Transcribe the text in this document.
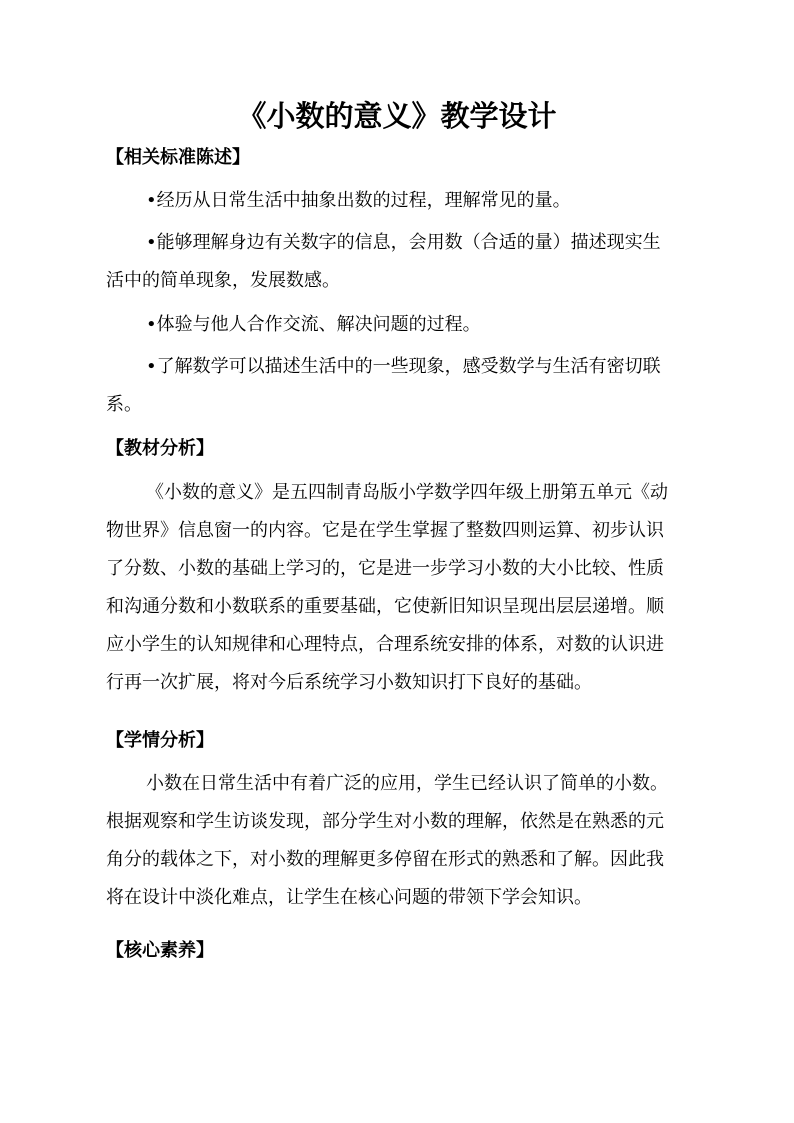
《小数的意义》教学设计
【相关标准陈述】

•经历从日常生活中抽象出数的过程，理解常见的量。

•能够理解身边有关数字的信息，会用数（合适的量）描述现实生
活中的简单现象，发展数感。

•体验与他人合作交流、解决问题的过程。

•了解数学可以描述生活中的一些现象，感受数学与生活有密切联
系。

【教材分析】

《小数的意义》是五四制青岛版小学数学四年级上册第五单元《动
物世界》信息窗一的内容。它是在学生掌握了整数四则运算、初步认识
了分数、小数的基础上学习的，它是进一步学习小数的大小比较、性质
和沟通分数和小数联系的重要基础，它使新旧知识呈现出层层递增。顺
应小学生的认知规律和心理特点，合理系统安排的体系，对数的认识进
行再一次扩展，将对今后系统学习小数知识打下良好的基础。

【学情分析】

小数在日常生活中有着广泛的应用，学生已经认识了简单的小数。
根据观察和学生访谈发现，部分学生对小数的理解，依然是在熟悉的元
角分的载体之下，对小数的理解更多停留在形式的熟悉和了解。因此我
将在设计中淡化难点，让学生在核心问题的带领下学会知识。

【核心素养】
